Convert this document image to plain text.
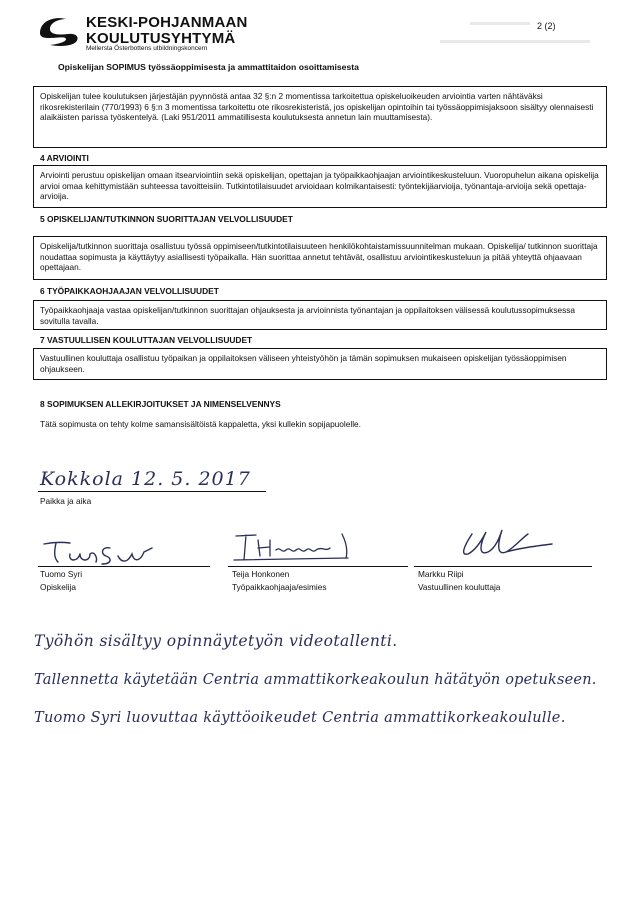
KESKI-POHJANMAAN
KOULUTUSYHTYMÄ
Mellersta Österbottens utbildningskoncern
2 (2)
Opiskelijan SOPIMUS työssäoppimisesta ja ammattitaidon osoittamisesta

Opiskelijan tulee koulutuksen järjestäjän pyynnöstä antaa 32 §:n 2 momentissa tarkoitettua opiskeluoikeuden arviointia varten nähtäväksi rikosrekisterilain (770/1993) 6 §:n 3 momentissa tarkoitettu ote rikosrekisteristä, jos opiskelijan opintoihin tai työssäoppimisjaksoon sisältyy olennaisesti alaikäisten parissa työskentelyä. (Laki 951/2011 ammatillisesta koulutuksesta annetun lain muuttamisesta).

4 ARVIOINTI

Arviointi perustuu opiskelijan omaan itsearviointiin sekä opiskelijan, opettajan ja työpaikkaohjaajan arviointikeskusteluun. Vuoropuhelun aikana opiskelija arvioi omaa kehittymistään suhteessa tavoitteisiin. Tutkintotilaisuudet arvioidaan kolmikantaisesti: työntekijäarvioija, työnantaja-arvioija sekä opettaja-arvioija.

5 OPISKELIJAN/TUTKINNON SUORITTAJAN VELVOLLISUUDET

Opiskelija/tutkinnon suorittaja osallistuu työssä oppimiseen/tutkintotilaisuuteen henkilökohtaistamissuunnitelman mukaan. Opiskelija/ tutkinnon suorittaja noudattaa sopimusta ja käyttäytyy asiallisesti työpaikalla. Hän suorittaa annetut tehtävät, osallistuu arviointikeskusteluun ja pitää yhteyttä ohjaavaan opettajaan.

6 TYÖPAIKKAOHJAAJAN VELVOLLISUUDET

Työpaikkaohjaaja vastaa opiskelijan/tutkinnon suorittajan ohjauksesta ja arvioinnista työnantajan ja oppilaitoksen välisessä koulutussopimuksessa sovitulla tavalla.

7 VASTUULLISEN KOULUTTAJAN VELVOLLISUUDET

Vastuullinen kouluttaja osallistuu työpaikan ja oppilaitoksen väliseen yhteistyöhön ja tämän sopimuksen mukaiseen opiskelijan työssäoppimisen ohjaukseen.

8 SOPIMUKSEN ALLEKIRJOITUKSET JA NIMENSELVENNYS
Tätä sopimusta on tehty kolme samansisältöistä kappaletta, yksi kullekin sopijapuolelle.
Kokkola 12. 5. 2017
Paikka ja aika
Tuomo Syri
Opiskelija
Teija Honkonen
Työpaikkaohjaaja/esimies
Markku Riipi
Vastuullinen kouluttaja
Työhön sisältyy opinnäytetyön videotallenti.
Tallennetta käytetään Centria ammattikorkeakoulun hätätyön opetukseen.
Tuomo Syri luovuttaa käyttöoikeudet Centria ammattikorkeakoululle.
